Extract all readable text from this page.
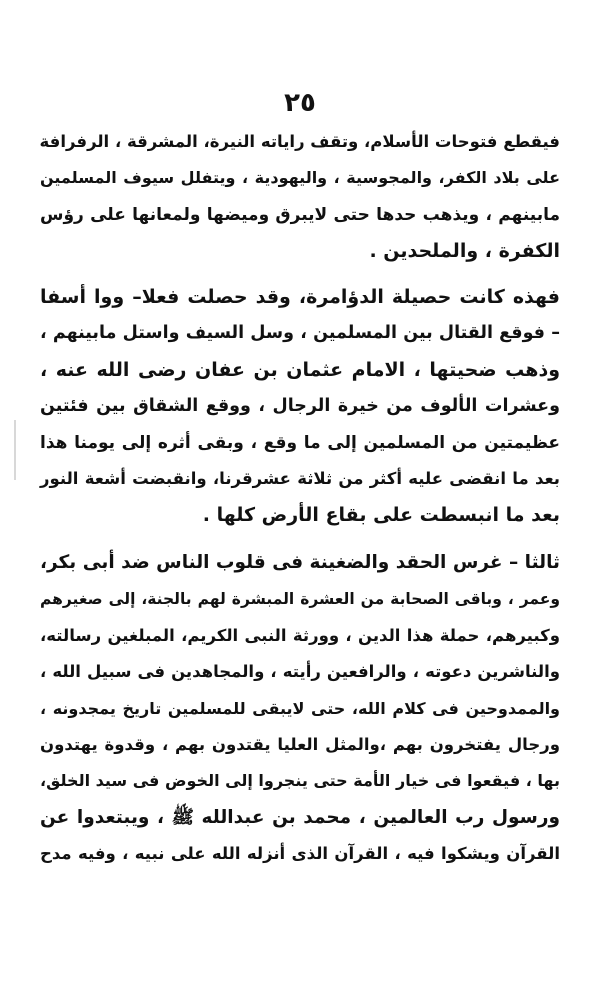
٢٥
فيقطع فتوحات الأسلام، وتقف راياته النيرة، المشرقة ، الرفرافة
على بلاد الكفر، والمجوسية ، واليهودية ، ويتفلل سيوف المسلمين
مابينهم ، ويذهب حدها حتى لايبرق وميضها ولمعانها على رؤس
الكفرة ، والملحدين .
فهذه كانت حصيلة الدؤامرة، وقد حصلت فعلا– ووا أسفا
– فوقع القتال بين المسلمين ، وسل السيف واستل مابينهم ،
وذهب ضحيتها ، الامام عثمان بن عفان رضى الله عنه ،
وعشرات الألوف من خيرة الرجال ، ووقع الشقاق بين فئتين
عظيمتين من المسلمين إلى ما وقع ، وبقى أثره إلى يومنا هذا
بعد ما انقضى عليه أكثر من ثلاثة عشرقرنا، وانقبضت أشعة النور
بعد ما انبسطت على بقاع الأرض كلها .
ثالثا – غرس الحقد والضغينة فى قلوب الناس ضد أبى بكر،
وعمر ، وباقى الصحابة من العشرة المبشرة لهم بالجنة، إلى صغيرهم
وكبيرهم، حملة هذا الدين ، وورثة النبى الكريم، المبلغين رسالته،
والناشرين دعوته ، والرافعين رأيته ، والمجاهدين فى سبيل الله ،
والممدوحين فى كلام الله، حتى لايبقى للمسلمين تاريخ يمجدونه ،
ورجال يفتخرون بهم ،والمثل العليا يقتدون بهم ، وقدوة يهتدون
بها ، فيقعوا فى خيار الأمة حتى ينجروا إلى الخوض فى سيد الخلق،
ورسول رب العالمين ، محمد بن عبدالله ﷺ ، ويبتعدوا عن
القرآن ويشكوا فيه ، القرآن الذى أنزله الله على نبيه ، وفيه مدح
